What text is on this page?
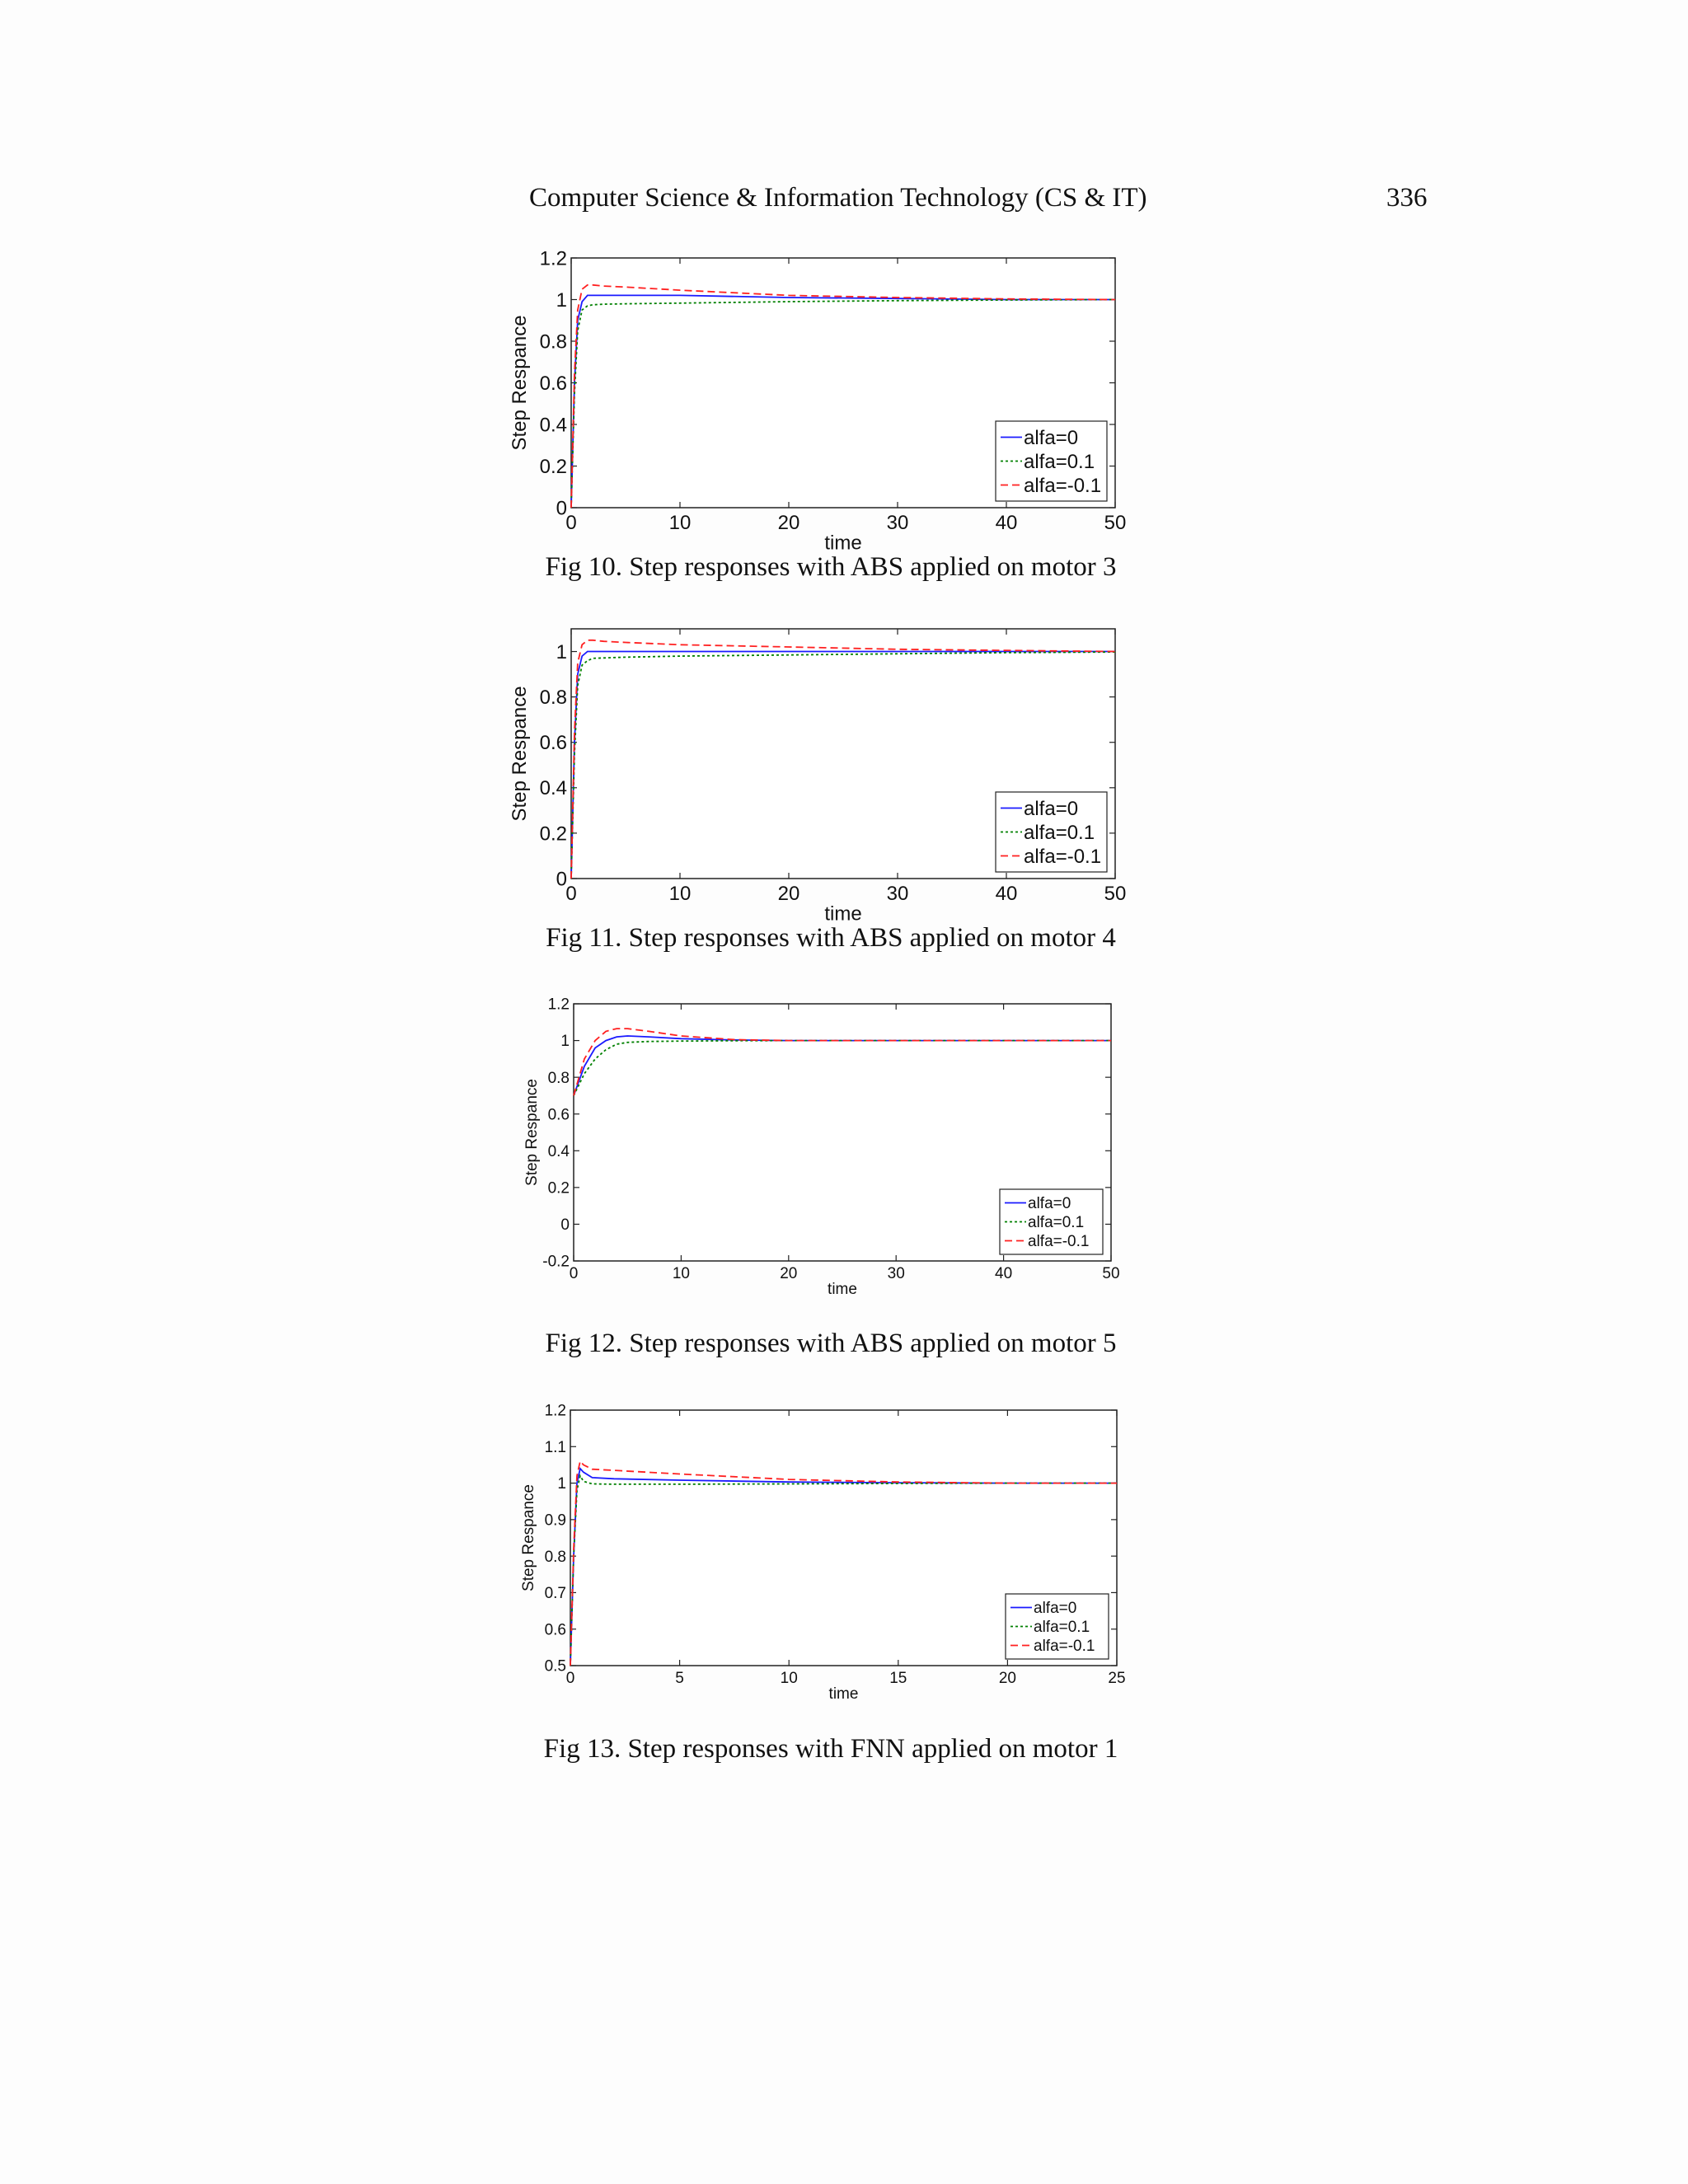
Computer Science & Information Technology (CS & IT)	336
0	10	20	30	40	50
0
0.2
0.4
0.6
0.8
1
1.2
time
Step Respance	alfa=0
alfa=0.1
alfa=-0.1
0	10	20	30	40	50
0
0.2
0.4
0.6
0.8
1
time
Step Respance	alfa=0
alfa=0.1
alfa=-0.1
0	10	20	30	40	50
-0.2
0
0.2
0.4
0.6
0.8
1
1.2
time
Step Respance
alfa=0
alfa=0.1
alfa=-0.1
0	5	10	15	20	25
0.5
0.6
0.7
0.8
0.9
1
1.1
1.2
time
Step Respance
alfa=0
alfa=0.1
alfa=-0.1
Fig 10. Step responses with ABS applied on motor 3
Fig 11. Step responses with ABS applied on motor 4
Fig 12. Step responses with ABS applied on motor 5
Fig 13. Step responses with FNN applied on motor 1
